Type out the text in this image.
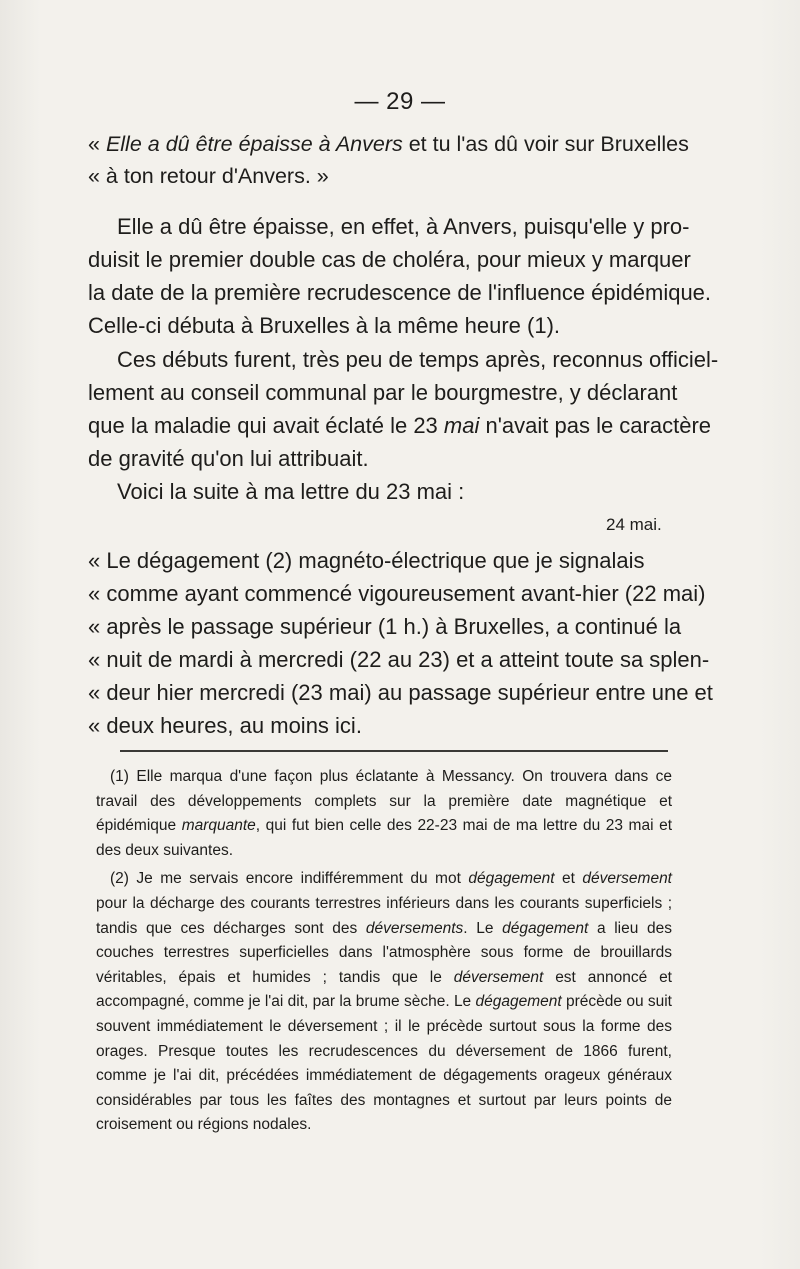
— 29 —
« Elle a dû être épaisse à Anvers et tu l'as dû voir sur Bruxelles
« à ton retour d'Anvers. »
Elle a dû être épaisse, en effet, à Anvers, puisqu'elle y pro-
duisit le premier double cas de choléra, pour mieux y marquer
la date de la première recrudescence de l'influence épidémique.
Celle-ci débuta à Bruxelles à la même heure (1).
Ces débuts furent, très peu de temps après, reconnus officiel-
lement au conseil communal par le bourgmestre, y déclarant
que la maladie qui avait éclaté le 23 mai n'avait pas le caractère
de gravité qu'on lui attribuait.
Voici la suite à ma lettre du 23 mai :
24 mai.
« Le dégagement (2) magnéto-électrique que je signalais
« comme ayant commencé vigoureusement avant-hier (22 mai)
« après le passage supérieur (1 h.) à Bruxelles, a continué la
« nuit de mardi à mercredi (22 au 23) et a atteint toute sa splen-
« deur hier mercredi (23 mai) au passage supérieur entre une et
« deux heures, au moins ici.

(1) Elle marqua d'une façon plus éclatante à Messancy. On trouvera dans ce travail des développements complets sur la première date magnétique et épidémique marquante, qui fut bien celle des 22-23 mai de ma lettre du 23 mai et des deux suivantes.

(2) Je me servais encore indifféremment du mot dégagement et déversement pour la décharge des courants terrestres inférieurs dans les courants superficiels ; tandis que ces décharges sont des déversements. Le dégagement a lieu des couches terrestres superficielles dans l'atmosphère sous forme de brouillards véritables, épais et humides ; tandis que le déversement est annoncé et accompagné, comme je l'ai dit, par la brume sèche. Le dégagement précède ou suit souvent immédiatement le déversement ; il le précède surtout sous la forme des orages. Presque toutes les recrudescences du déversement de 1866 furent, comme je l'ai dit, précédées immédiatement de dégagements orageux généraux considérables par tous les faîtes des montagnes et surtout par leurs points de croisement ou régions nodales.
